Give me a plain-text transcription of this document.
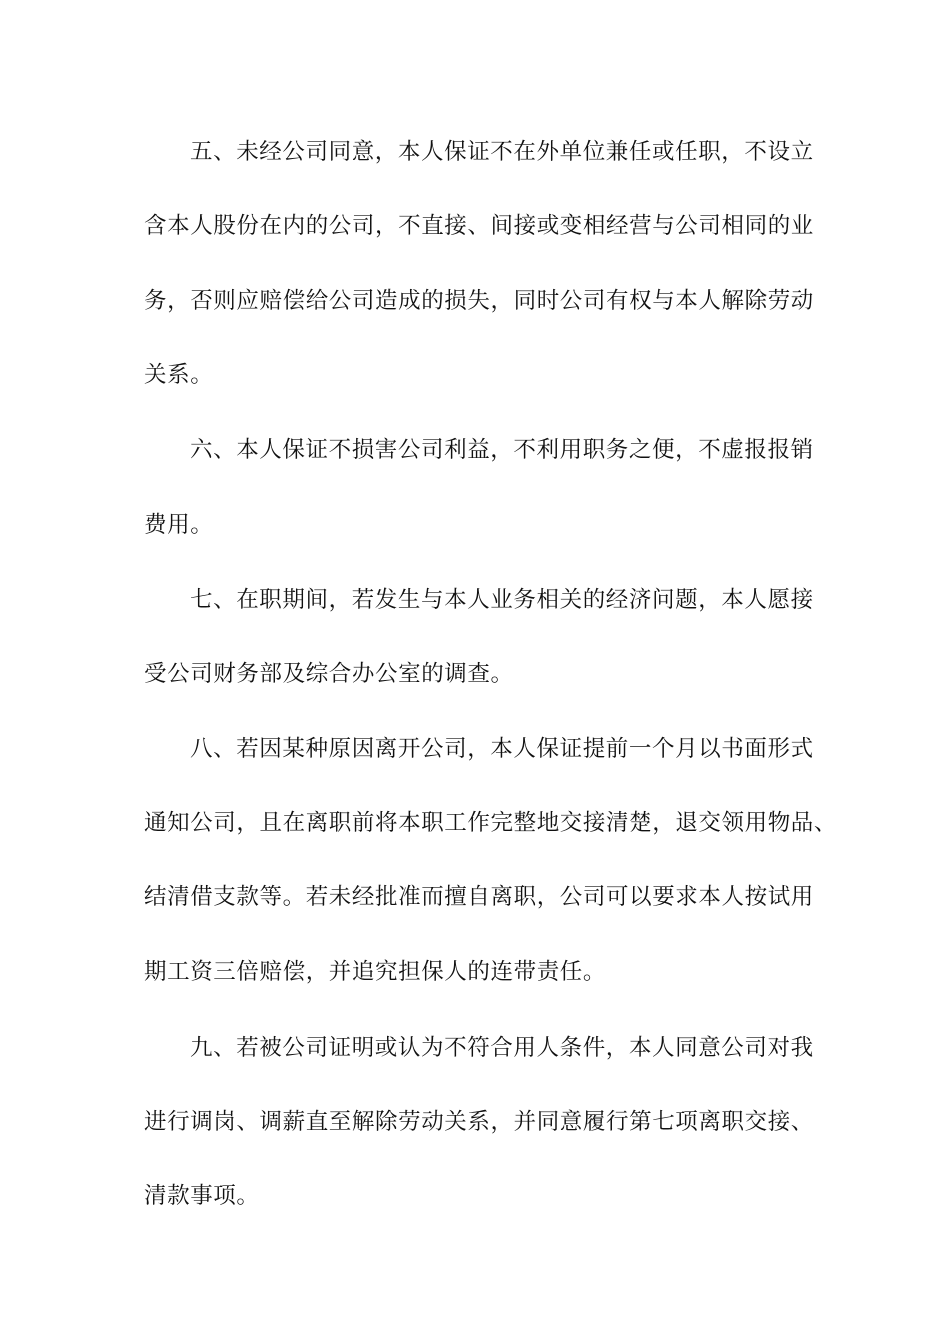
五、未经公司同意，本人保证不在外单位兼任或任职，不设立
含本人股份在内的公司，不直接、间接或变相经营与公司相同的业
务，否则应赔偿给公司造成的损失，同时公司有权与本人解除劳动
关系。
六、本人保证不损害公司利益，不利用职务之便，不虚报报销
费用。
七、在职期间，若发生与本人业务相关的经济问题，本人愿接
受公司财务部及综合办公室的调查。
八、若因某种原因离开公司，本人保证提前一个月以书面形式
通知公司，且在离职前将本职工作完整地交接清楚，退交领用物品、
结清借支款等。若未经批准而擅自离职，公司可以要求本人按试用
期工资三倍赔偿，并追究担保人的连带责任。
九、若被公司证明或认为不符合用人条件，本人同意公司对我
进行调岗、调薪直至解除劳动关系，并同意履行第七项离职交接、
清款事项。
